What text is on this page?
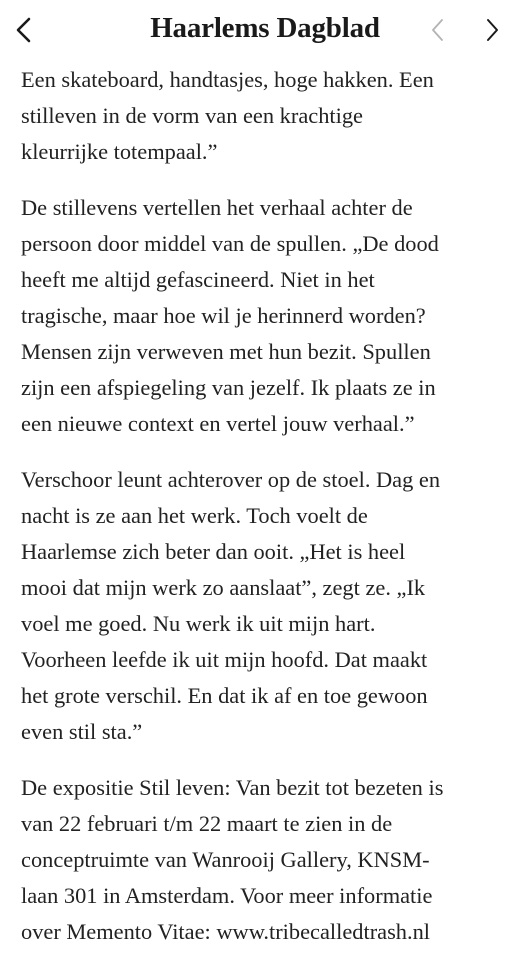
Haarlems Dagblad

Een skateboard, handtasjes, hoge hakken. Een
stilleven in de vorm van een krachtige
kleurrijke totempaal.”

De stillevens vertellen het verhaal achter de
persoon door middel van de spullen. „De dood
heeft me altijd gefascineerd. Niet in het
tragische, maar hoe wil je herinnerd worden?
Mensen zijn verweven met hun bezit. Spullen
zijn een afspiegeling van jezelf. Ik plaats ze in
een nieuwe context en vertel jouw verhaal.”

Verschoor leunt achterover op de stoel. Dag en
nacht is ze aan het werk. Toch voelt de
Haarlemse zich beter dan ooit. „Het is heel
mooi dat mijn werk zo aanslaat”, zegt ze. „Ik
voel me goed. Nu werk ik uit mijn hart.
Voorheen leefde ik uit mijn hoofd. Dat maakt
het grote verschil. En dat ik af en toe gewoon
even stil sta.”

De expositie Stil leven: Van bezit tot bezeten is
van 22 februari t/m 22 maart te zien in de
conceptruimte van Wanrooij Gallery, KNSM-
laan 301 in Amsterdam. Voor meer informatie
over Memento Vitae: www.tribecalledtrash.nl
